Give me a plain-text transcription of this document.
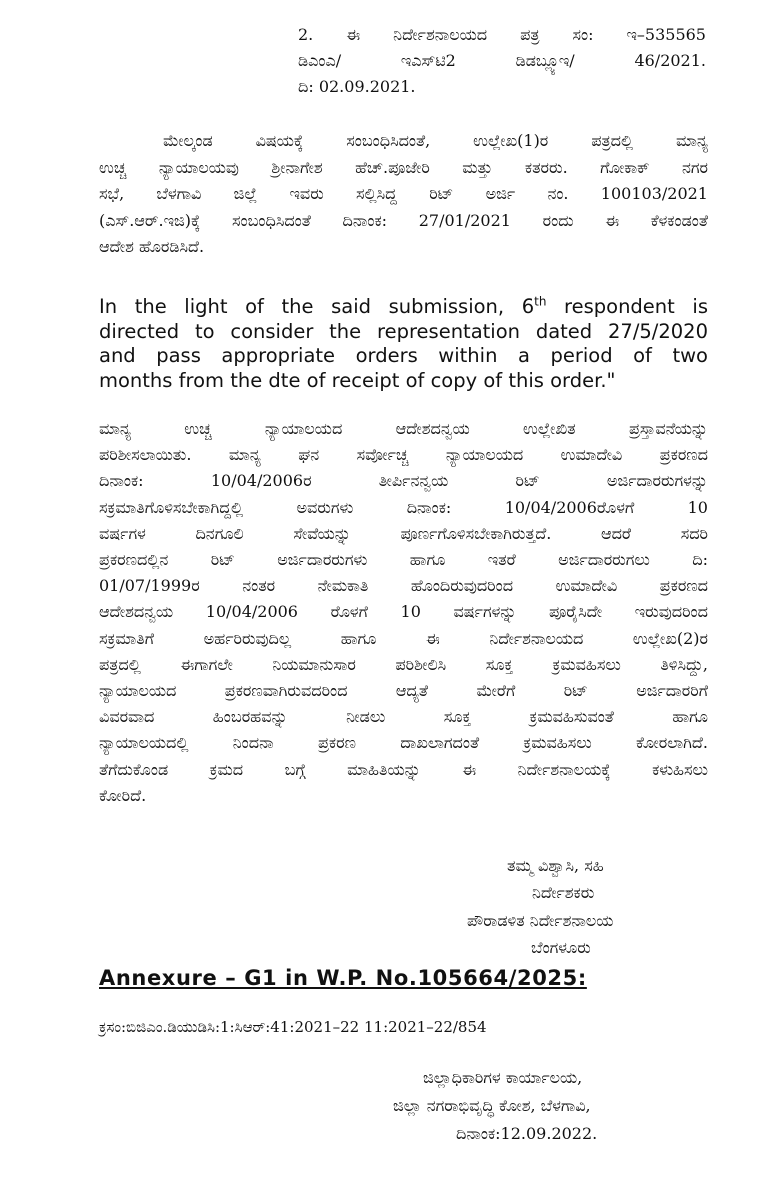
2. ಈ ನಿರ್ದೇಶನಾಲಯದ ಪತ್ರ ಸಂ: ಇ–535565
ಡಿಎಂಎ/ ಇಎಸ್‌ಟಿ2 ಡಿಡಬ್ಲ್ಯೂಇ/ 46/2021.
ದಿ: 02.09.2021.
ಮೇಲ್ಕಂಡ ವಿಷಯಕ್ಕೆ ಸಂಬಂಧಿಸಿದಂತೆ, ಉಲ್ಲೇಖ(1)ರ ಪತ್ರದಲ್ಲಿ ಮಾನ್ಯ
ಉಚ್ಚ ನ್ಯಾಯಾಲಯವು ಶ್ರೀನಾಗೇಶ ಹೆಚ್.ಪೂಜೇರಿ ಮತ್ತು ಕತರರು. ಗೋಕಾಕ್ ನಗರ
ಸಭೆ, ಬೆಳಗಾವಿ ಜಿಲ್ಲೆ ಇವರು ಸಲ್ಲಿಸಿದ್ದ ರಿಟ್ ಅರ್ಜಿ ನಂ. 100103/2021
(ಎಸ್.ಆರ್.ಇಜಿ)ಕ್ಕೆ ಸಂಬಂಧಿಸಿದಂತೆ ದಿನಾಂಕ: 27/01/2021 ರಂದು ಈ ಕೆಳಕಂಡಂತೆ
ಆದೇಶ ಹೊರಡಿಸಿದೆ.
In the light of the said submission, 6th respondent is
directed to consider the representation dated 27/5/2020
and pass appropriate orders within a period of two
months from the dte of receipt of copy of this order."
ಮಾನ್ಯ ಉಚ್ಚ ನ್ಯಾಯಾಲಯದ ಆದೇಶದನ್ವಯ ಉಲ್ಲೇಖಿತ ಪ್ರಸ್ತಾವನೆಯನ್ನು
ಪರಿಶೀಸಲಾಯಿತು. ಮಾನ್ಯ ಘನ ಸರ್ವೋಚ್ಚ ನ್ಯಾಯಾಲಯದ ಉಮಾದೇವಿ ಪ್ರಕರಣದ
ದಿನಾಂಕ: 10/04/2006ರ ತೀರ್ಪಿನನ್ವಯ ರಿಟ್ ಅರ್ಜಿದಾರರುಗಳನ್ನು
ಸಕ್ರಮಾತಿಗೊಳಿಸಬೇಕಾಗಿದ್ದಲ್ಲಿ ಅವರುಗಳು ದಿನಾಂಕ: 10/04/2006ರೊಳಗೆ 10
ವರ್ಷಗಳ ದಿನಗೂಲಿ ಸೇವೆಯನ್ನು ಪೂರ್ಣಗೊಳಿಸಬೇಕಾಗಿರುತ್ತದೆ. ಆದರೆ ಸದರಿ
ಪ್ರಕರಣದಲ್ಲಿನ ರಿಟ್ ಅರ್ಜಿದಾರರುಗಳು ಹಾಗೂ ಇತರೆ ಅರ್ಜಿದಾರರುಗಲು ದಿ:
01/07/1999ರ ನಂತರ ನೇಮಕಾತಿ ಹೊಂದಿರುವುದರಿಂದ ಉಮಾದೇವಿ ಪ್ರಕರಣದ
ಆದೇಶದನ್ವಯ 10/04/2006 ರೊಳಗೆ 10 ವರ್ಷಗಳನ್ನು ಪೂರೈಸಿದೇ ಇರುವುದರಿಂದ
ಸಕ್ರಮಾತಿಗೆ ಅರ್ಹರಿರುವುದಿಲ್ಲ ಹಾಗೂ ಈ ನಿರ್ದೇಶನಾಲಯದ ಉಲ್ಲೇಖ(2)ರ
ಪತ್ರದಲ್ಲಿ ಈಗಾಗಲೇ ನಿಯಮಾನುಸಾರ ಪರಿಶೀಲಿಸಿ ಸೂಕ್ತ ಕ್ರಮವಹಿಸಲು ತಿಳಿಸಿದ್ದು,
ನ್ಯಾಯಾಲಯದ ಪ್ರಕರಣವಾಗಿರುವದರಿಂದ ಆದ್ಯತೆ ಮೇರೆಗೆ ರಿಟ್ ಅರ್ಜಿದಾರರಿಗೆ
ವಿವರವಾದ ಹಿಂಬರಹವನ್ನು ನೀಡಲು ಸೂಕ್ತ ಕ್ರಮವಹಿಸುವಂತೆ ಹಾಗೂ
ನ್ಯಾಯಾಲಯದಲ್ಲಿ ನಿಂದನಾ ಪ್ರಕರಣ ದಾಖಲಾಗದಂತೆ ಕ್ರಮವಹಿಸಲು ಕೋರಲಾಗಿದೆ.
ತೆಗೆದುಕೊಂಡ ಕ್ರಮದ ಬಗ್ಗೆ ಮಾಹಿತಿಯನ್ನು ಈ ನಿರ್ದೇಶನಾಲಯಕ್ಕೆ ಕಳುಹಿಸಲು
ಕೋರಿದೆ.
ತಮ್ಮ ವಿಶ್ವಾಸಿ, ಸಹಿ
ನಿರ್ದೇಶಕರು
ಪೌರಾಡಳಿತ ನಿರ್ದೇಶನಾಲಯ
ಬೆಂಗಳೂರು
Annexure – G1 in W.P. No.105664/2025:
ಕ್ರಸಂ:ಬಿಜಿಎಂ.ಡಿಯುಡಿಸಿ:1:ಸಿಆರ್:41:2021–22 11:2021–22/854
ಜಿಲ್ಲಾಧಿಕಾರಿಗಳ ಕಾರ್ಯಾಲಯ,
ಜಿಲ್ಲಾ ನಗರಾಭಿವೃದ್ಧಿ ಕೋಶ, ಬೆಳಗಾವಿ,
ದಿನಾಂಕ:12.09.2022.
